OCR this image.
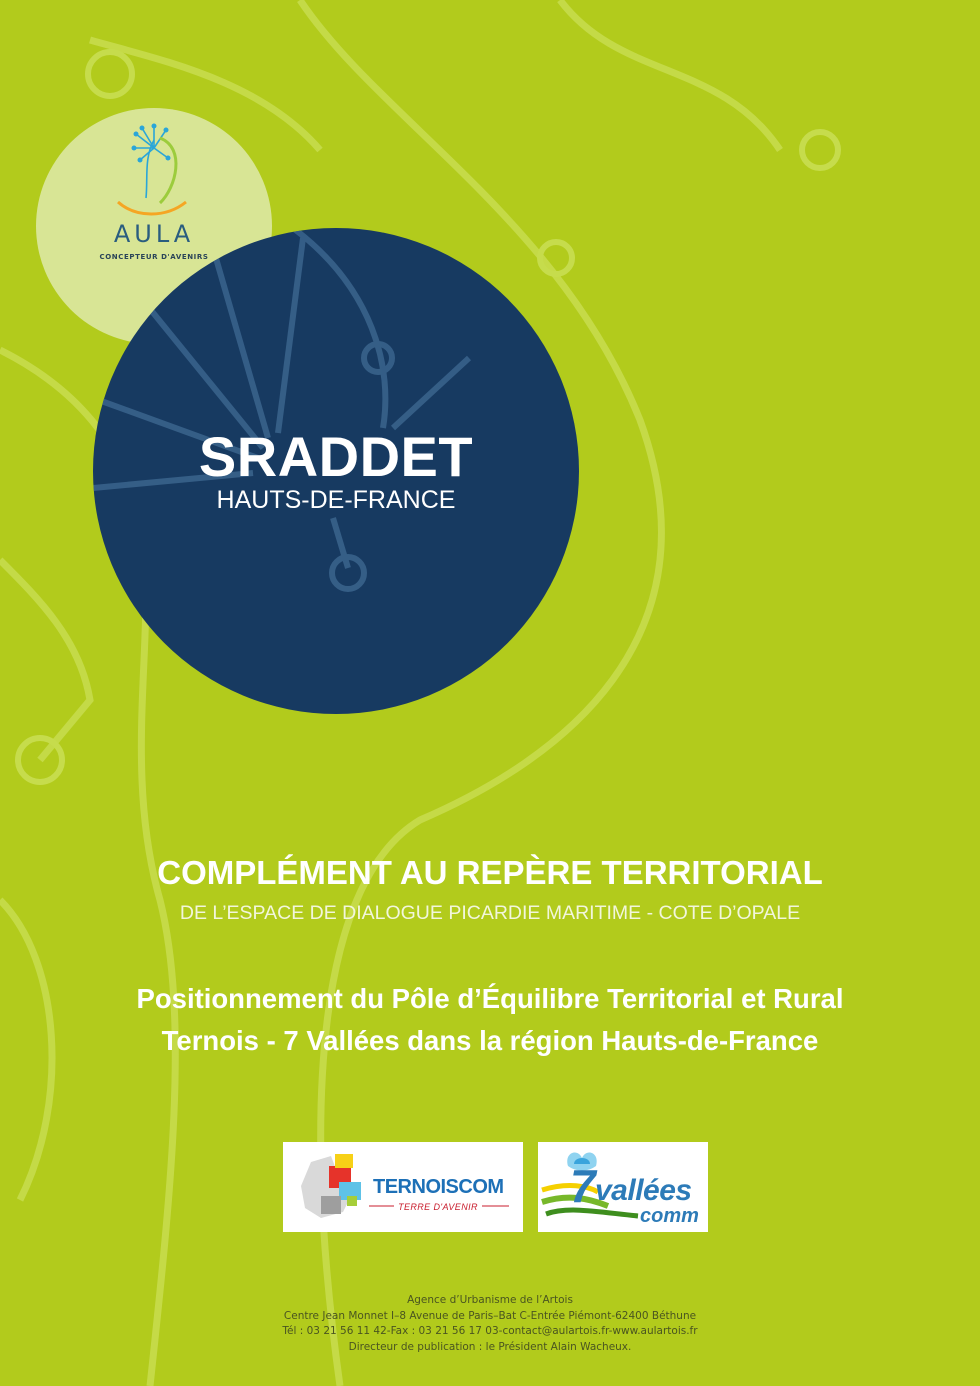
AULA
CONCEPTEUR D'AVENIRS
SRADDET
HAUTS-DE-FRANCE
COMPLÉMENT AU REPÈRE TERRITORIAL
DE L’ESPACE DE DIALOGUE PICARDIE MARITIME - COTE D’OPALE
Positionnement du Pôle d’Équilibre Territorial et Rural
Ternois - 7 Vallées dans la région Hauts-de-France
TERNOISCOM
TERRE D'AVENIR	7
comm
vallées
Agence d’Urbanisme de l’Artois
Centre Jean Monnet I–8 Avenue de Paris–Bat C-Entrée Piémont-62400 Béthune
Tél : 03 21 56 11 42-Fax : 03 21 56 17 03-contact@aulartois.fr-www.aulartois.fr
Directeur de publication : le Président Alain Wacheux.
